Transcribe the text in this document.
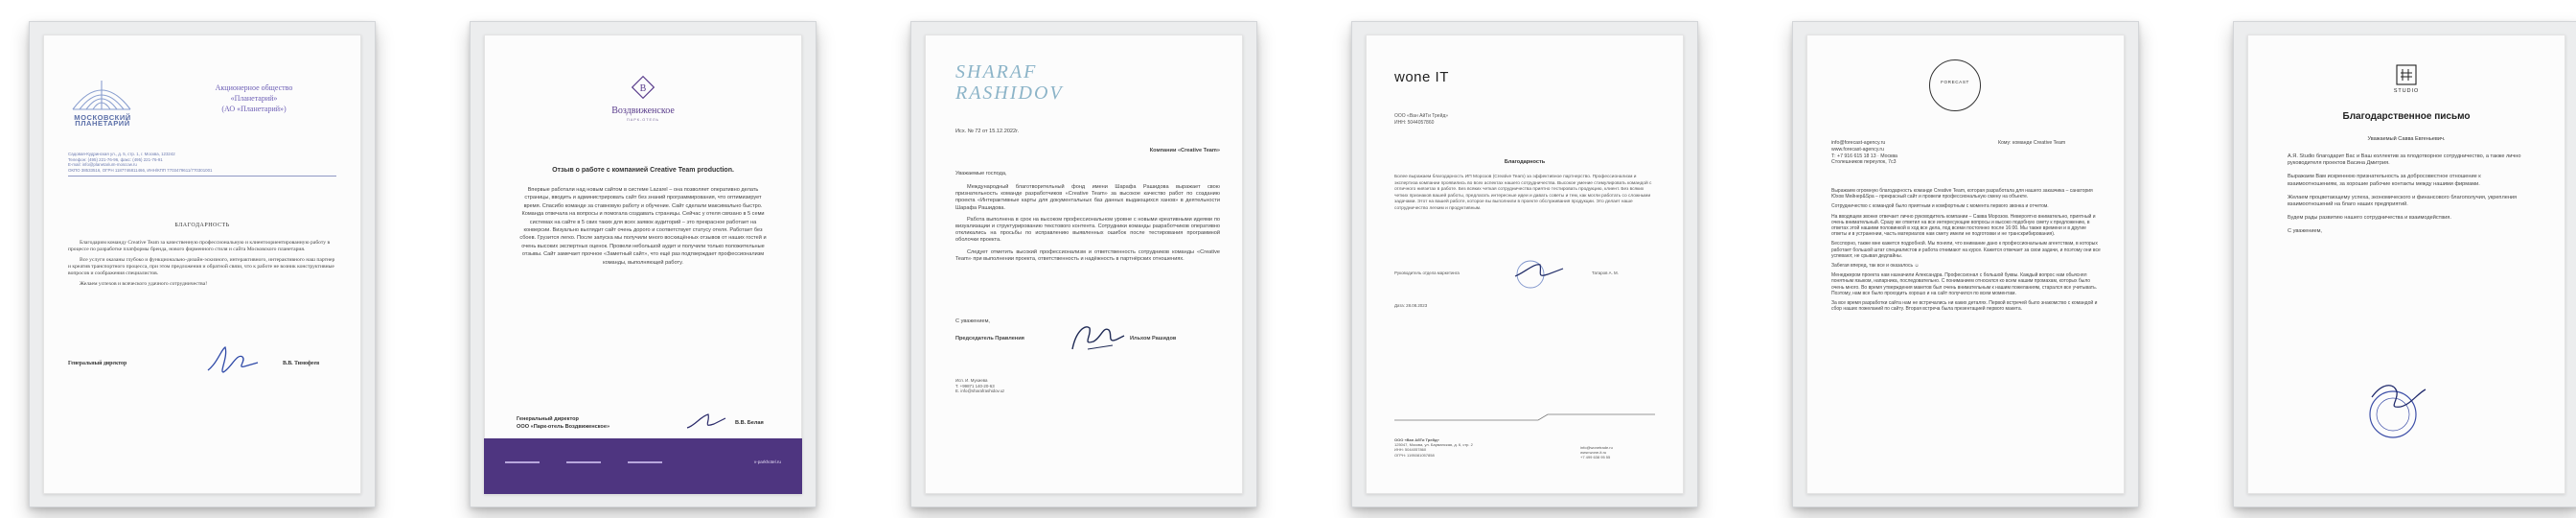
МОСКОВСКИЙ ПЛАНЕТАРИЙ
Акционерное общество
«Планетарий»
(АО «Планетарий»)
Садовая-Кудринская ул., д. 5, стр. 1, г. Москва, 123242
Телефон: (495) 221-76-96, факс: (495) 221-76-91
E-mail: info@planetarium-moscow.ru
ОКПО 38533516, ОГРН 1187746811466, ИНН/КПП 7703479611/770301001
БЛАГОДАРНОСТЬ

Благодарим команду Creative Team за качественную профессиональную и клиентоориентированную работу в процессе по разработке платформы бренда, нового фирменного стиля и сайта Московского планетария.

Все услуги оказаны глубоко и функционально-дизайн-эскизного, интерактивного, интерактивного наш партнер и креатив транспортного процесса, при этом предложения и обратной связи, что к работе не возник конструктивные вопросов и соображения специалистов.

Желаем успехов и всяческого удачного сотрудничества!

Генеральный директор	В.В. Тимофеев
В
Воздвиженское
ПАРК-ОТЕЛЬ
Отзыв о работе с компанией Creative Team production.
Впервые работали над новым сайтом в системе Lazarel – она позволяет оперативно делать страницы, вводить и администрировать сайт без знаний программирования, что оптимизирует время. Спасибо команде за ставновую работу и обучение. Сайт сделали максимально быстро. Команда отвечала на вопросы и помогала создавать страницы. Сейчас у отеля связано в 5 семи системах на сайте в 5 свих таких для всех заявок аудиторий – это прекрасное работает на конверсии. Визуально выглядит сайт очень дорого и соответствует статусу отеля. Работает без сбоев. Грузится легко. После запуска мы получили много восхищённых отзывов от наших гостей и очень высоких экспертных оценок. Провели небольшой аудит и получили только положительные отзывы. Сайт замечает прочное «Заметный сайт», что ещё раз подтверждает профессионализм команды, выполняющей работу.
Генеральный директор
ООО «Парк-отель Воздвиженское»
В.В. Белая
v-parkhotel.ru
SHARAF
RASHIDOV
Исх. № 72 от 15.12.2022г.
Компании «Creative Team»
Уважаемые господа,

Международный благотворительный фонд имени Шарафа Рашидова выражает свою признательность команде разработчиков «Creative Team» за высокое качество работ по созданию проекта «Интерактивные карты для документальных баз данных выдающихся ханов» в деятельности Шарафа Рашидова.

Работа выполнена в срок на высоком профессиональном уровне с новыми креативными идеями по визуализации и структурированию текстового контента. Сотрудники команды разработчиков оперативно откликались на просьбы по исправлению выявленных ошибок после тестирования программной оболочки проекта.

Следует отметить высокий профессионализм и ответственность сотрудников команды «Creative Team» при выполнении проекта, ответственность и надёжность в партнёрских отношениях.

С уважением,
Председатель Правления	Ильхом Рашидов
Исп. И. Мухиева
Т. +99871 140-20-63
E. info@sharafrashidov.uz
wone IT
ООО «Ван АйТи Трейд»
ИНН: 5044057860
Благодарность
Более выражаем благодарность ИП Морозов (Creative Team) за эффективное партнерство. Профессионализм и экспертиза компании проявились во всех аспектах нашего сотрудничества. Высокое умение стимулировать командой с отличного ниязетах в работе. Без всяких четкая сотрудничества приятно тестировать продукцию, клиент. Без всяких четких признаков вашей работы, предлагать интересные идеи и давать советы и тем, как могли работать со сложными задачами. Этот на вашей работе, которое вы выполнили в проекте обслуживания продукции. Это делает наше сотрудничество легким и продуктивным.
Руководитель отдела маркетинга	Татаров А. М.
Дата: 28.08.2023
ООО «Ван АйТи Трейд»
125047, Москва, ул. Бауманская, д. 6, стр. 2
ИНН: 5044057860
ОГРН: 1195081057858
info@wonetrade.ru
www.wone-it.ru
+7 499 638 95 55
FORECAST
info@forecast-agency.ru
www.forecast-agency.ru
Т: +7 916 615 18 13 · Москва
Столешников переулок, 7с3
Кому: команде Creative Team

Выражаем огромную благодарность команде Creative Team, которая разработала для нашего заказчика – санатория Юхов Мейнер&Spa – прекрасный сайт и провели профессиональную смену на объекте.

Сотрудничество с командой было приятным и комфортным с момента первого звонка и отчетом.

На вводящем звонке отвечает лично руководитель компании – Савва Морозов. Невероятно внимательно, приятный и очень внимательный. Сразу же ответил на все интересующие вопросы и высоко подобную смету к предложению, в ответах этой нашими половинкой в ход все дела, под всеми постоянно после 16:00. Мы также времени и в другие ответы и в устранении, часть материалов нам смету имели не подготовки и не транскрибирования).

Бесспорно, также мне кажется подробной. Мы поняли, что внимание дано к профессиональным агентствам, в которых работает большой штат специалистов и работа отнимают на курсе. Кажется отвечает за свои задачи, и поэтому они все успевают, не срывая дедлайны.

Забегая вперед, так все и оказалось ☺

Менеджером проекта нам назначили Александра. Профессионал с большой буквы. Каждый вопрос нам обьяснял понятным языком, напарника, последовательно. С пониманием относился ко всем нашим промахам, которых было очень много. Во время утверждения макетов был очень внимательным к нашим пожеланиям, старался все учитывать. Поэтому, нам все было проходить хорошо и на сайт получился по всем моментам.

За все время разработки сайта нам не встречались ни каких деталях. Первой встречей было знакомство с командой и сбор наших пожеланий по сайту. Вторая встреча была презентацией первого макета.

STUDIO
Благодарственное письмо
Уважаемый Савва Евгеньевич.

А.Я. Studio благодарит Вас и Ваш коллектив за плодотворное сотрудничество, а также лично руководителя проектов Васина Дмитрия.

Выражаем Вам искреннюю признательность за добросовестное отношение к взаимоотношениям, за хорошие рабочие контакты между нашими фирмами.

Желаем процветающему успеха, экономического и финансового благополучия, укрепления взаимоотношений на благо наших предприятий.

Будем рады развитию нашего сотрудничества и взаимодействия.

С уважением,
